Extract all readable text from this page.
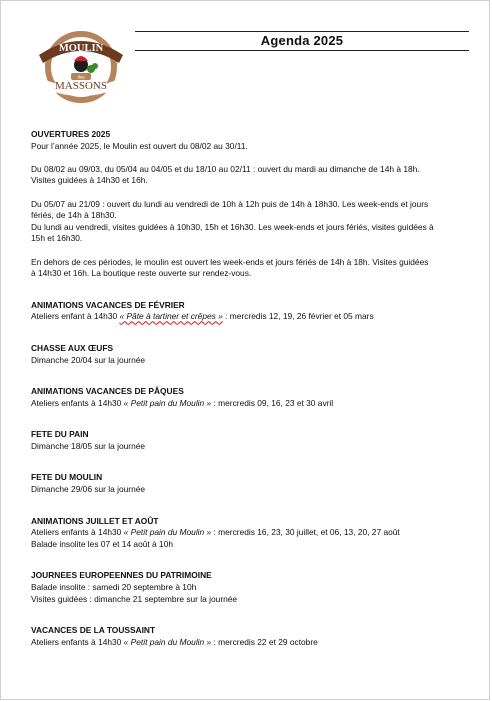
MOULIN
des
MASSONS
Agenda 2025

OUVERTURES 2025

Pour l’année 2025, le Moulin est ouvert du 08/02 au 30/11.

Du 08/02 au 09/03, du 05/04 au 04/05 et du 18/10 au 02/11 : ouvert du mardi au dimanche de 14h à 18h.

Visites guidées à 14h30 et 16h.

Du 05/07 au 21/09 : ouvert du lundi au vendredi de 10h à 12h puis de 14h à 18h30. Les week-ends et jours

fériés, de 14h à 18h30.

Du lundi au vendredi, visites guidées à 10h30, 15h et 16h30. Les week-ends et jours fériés, visites guidées à

15h et 16h30.

En dehors de ces périodes, le moulin est ouvert les week-ends et jours fériés de 14h à 18h. Visites guidées

à 14h30 et 16h. La boutique reste ouverte sur rendez-vous.

ANIMATIONS VACANCES DE FÉVRIER

Ateliers enfant à 14h30 « Pâte à tartiner et crêpes » : mercredis 12, 19, 26 février et 05 mars

CHASSE AUX ŒUFS

Dimanche 20/04 sur la journée

ANIMATIONS VACANCES DE PÂQUES

Ateliers enfants à 14h30 « Petit pain du Moulin » : mercredis 09, 16, 23 et 30 avril

FETE DU PAIN

Dimanche 18/05 sur la journée

FETE DU MOULIN

Dimanche 29/06 sur la journée

ANIMATIONS JUILLET ET AOÛT

Ateliers enfants à 14h30 « Petit pain du Moulin » : mercredis 16, 23, 30 juillet, et 06, 13, 20, 27 août

Balade insolite les 07 et 14 août à 10h

JOURNEES EUROPEENNES DU PATRIMOINE

Balade insolite : samedi 20 septembre à 10h

Visites guidées : dimanche 21 septembre sur la journée

VACANCES DE LA TOUSSAINT

Ateliers enfants à 14h30 « Petit pain du Moulin » : mercredis 22 et 29 octobre
